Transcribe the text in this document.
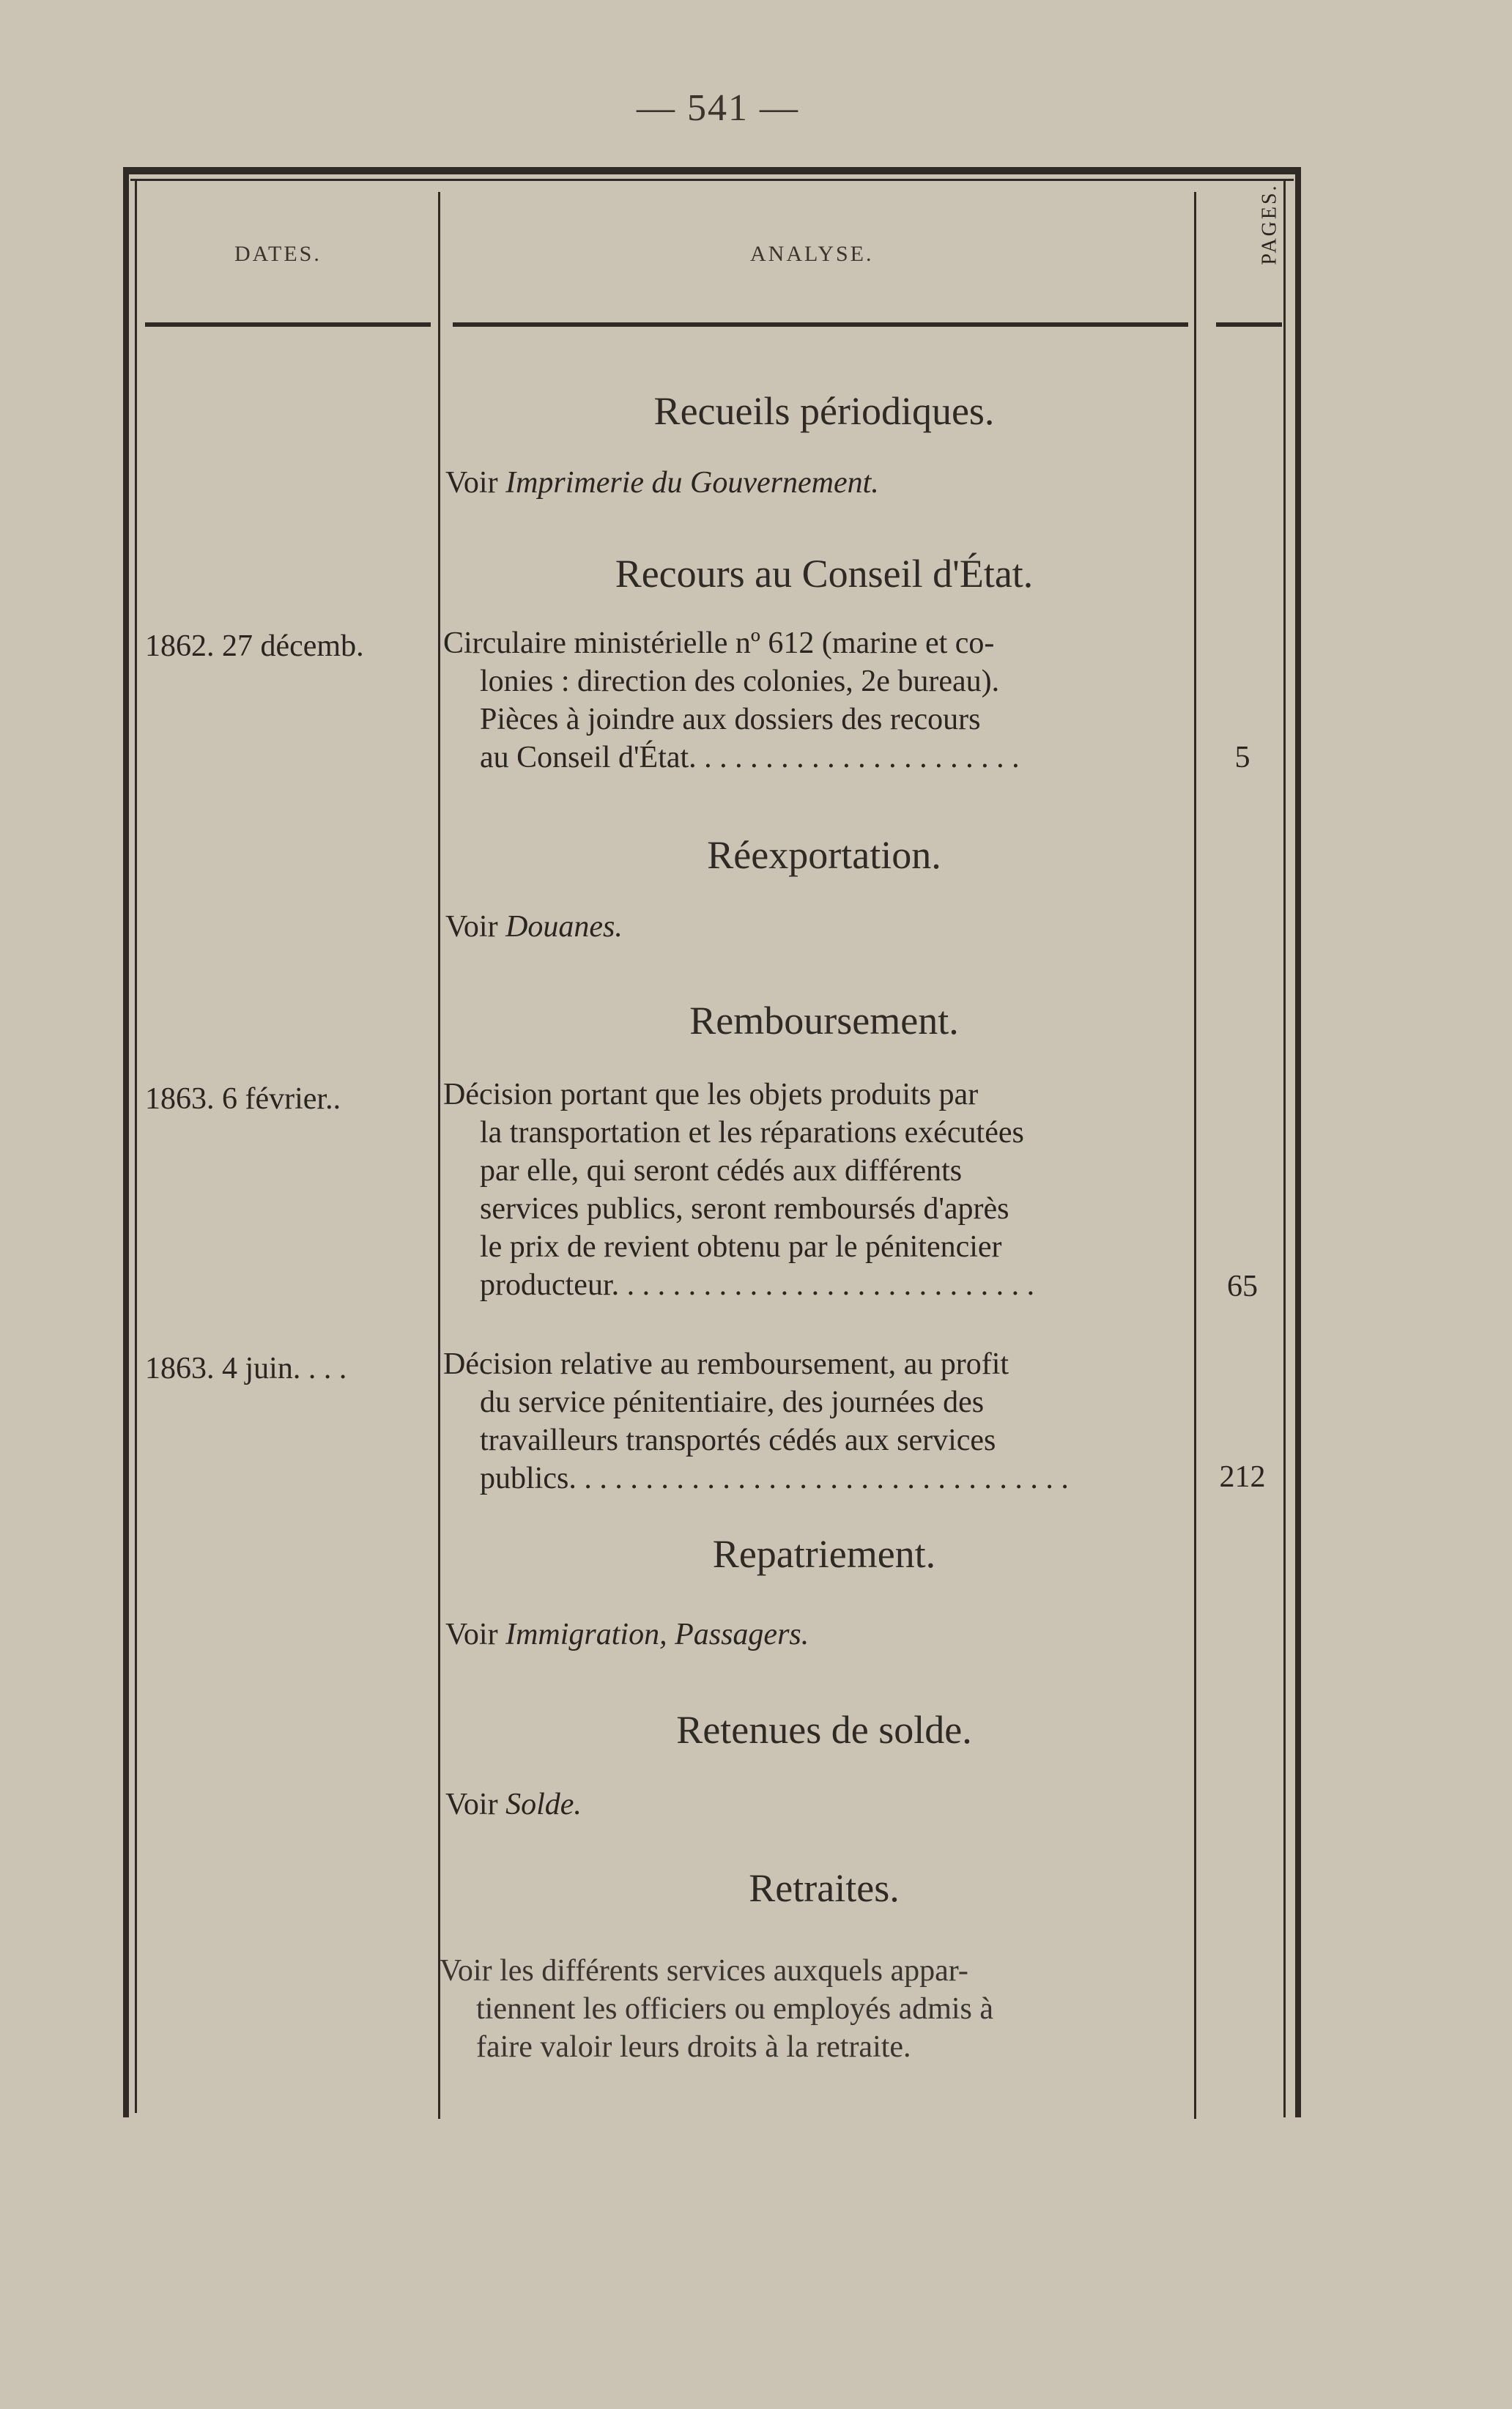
— 541 —
DATES.	ANALYSE.	PAGES.
Recueils périodiques.
Voir Imprimerie du Gouvernement.
Recours au Conseil d'État.
1862. 27 décemb.	Circulaire ministérielle nº 612 (marine et co-
lonies : direction des colonies, 2e bureau).
Pièces à joindre aux dossiers des recours
au Conseil d'État. . . . . . . . . . . . . . . . . . . . . .	5
Réexportation.
Voir Douanes.
Remboursement.
1863. 6 février..	Décision portant que les objets produits par
la transportation et les réparations exécutées
par elle, qui seront cédés aux différents
services publics, seront remboursés d'après
le prix de revient obtenu par le pénitencier
producteur. . . . . . . . . . . . . . . . . . . . . . . . . . . .	65
1863. 4 juin. . . .	Décision relative au remboursement, au profit
du service pénitentiaire, des journées des
travailleurs transportés cédés aux services
publics. . . . . . . . . . . . . . . . . . . . . . . . . . . . . . . . .	212
Repatriement.
Voir Immigration, Passagers.
Retenues de solde.
Voir Solde.
Retraites.
Voir les différents services auxquels appar-
tiennent les officiers ou employés admis à
faire valoir leurs droits à la retraite.
